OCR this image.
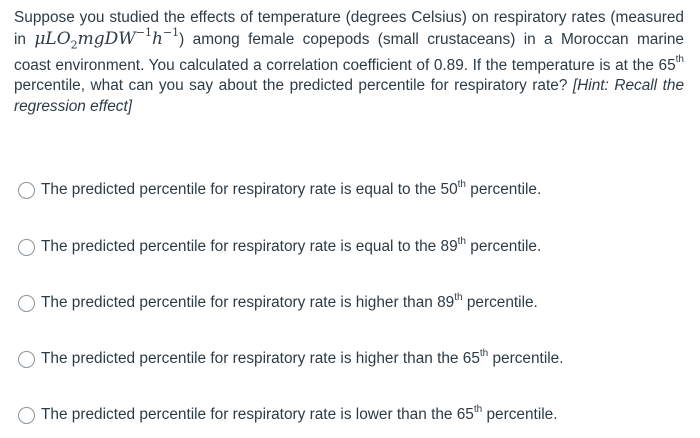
Suppose you studied the effects of temperature (degrees Celsius) on respiratory rates (measured in $\mu LO_2mgDW^{-1}h^{-1}$) among female copepods (small crustaceans) in a Moroccan marine coast environment. You calculated a correlation coefficient of 0.89. If the temperature is at the 65th percentile, what can you say about the predicted percentile for respiratory rate? [Hint: Recall the regression effect]

The predicted percentile for respiratory rate is equal to the 50th percentile.
The predicted percentile for respiratory rate is equal to the 89th percentile.
The predicted percentile for respiratory rate is higher than 89th percentile.
The predicted percentile for respiratory rate is higher than the 65th percentile.
The predicted percentile for respiratory rate is lower than the 65th percentile.
